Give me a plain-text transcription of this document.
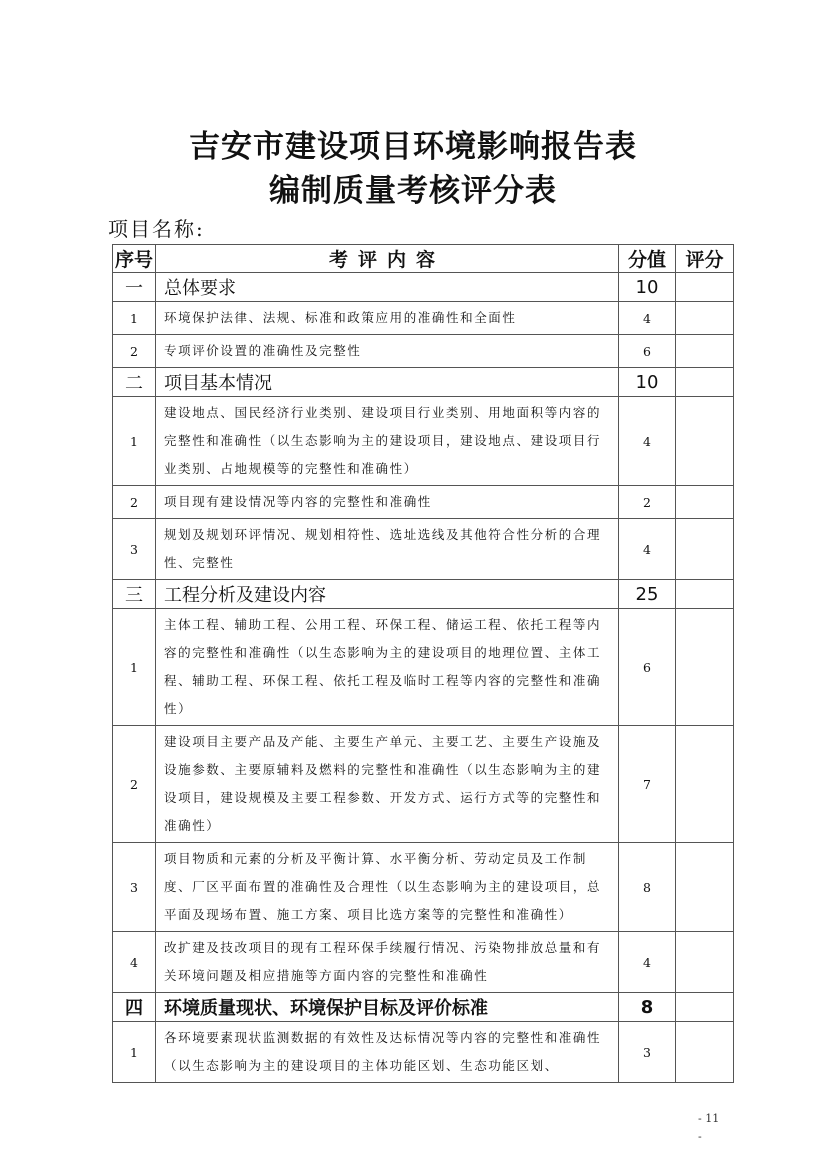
吉安市建设项目环境影响报告表
编制质量考核评分表
项目名称:
序号	考评内容	分值	评分
一	总体要求	10	
1	环境保护法律、法规、标准和政策应用的准确性和全面性	4	
2	专项评价设置的准确性及完整性	6	
二	项目基本情况	10	
1	建设地点、国民经济行业类别、建设项目行业类别、用地面积等内容的完整性和准确性（以生态影响为主的建设项目，建设地点、建设项目行业类别、占地规模等的完整性和准确性）	4	
2	项目现有建设情况等内容的完整性和准确性	2	
3	规划及规划环评情况、规划相符性、选址选线及其他符合性分析的合理性、完整性	4	
三	工程分析及建设内容	25	
1	主体工程、辅助工程、公用工程、环保工程、储运工程、依托工程等内容的完整性和准确性（以生态影响为主的建设项目的地理位置、主体工程、辅助工程、环保工程、依托工程及临时工程等内容的完整性和准确性）	6	
2	建设项目主要产品及产能、主要生产单元、主要工艺、主要生产设施及设施参数、主要原辅料及燃料的完整性和准确性（以生态影响为主的建设项目，建设规模及主要工程参数、开发方式、运行方式等的完整性和准确性）	7	
3	项目物质和元素的分析及平衡计算、水平衡分析、劳动定员及工作制度、厂区平面布置的准确性及合理性（以生态影响为主的建设项目，总平面及现场布置、施工方案、项目比选方案等的完整性和准确性）	8	
4	改扩建及技改项目的现有工程环保手续履行情况、污染物排放总量和有关环境问题及相应措施等方面内容的完整性和准确性	4	
四	环境质量现状、环境保护目标及评价标准	8	
1	各环境要素现状监测数据的有效性及达标情况等内容的完整性和准确性（以生态影响为主的建设项目的主体功能区划、生态功能区划、	3	
- 11
-
